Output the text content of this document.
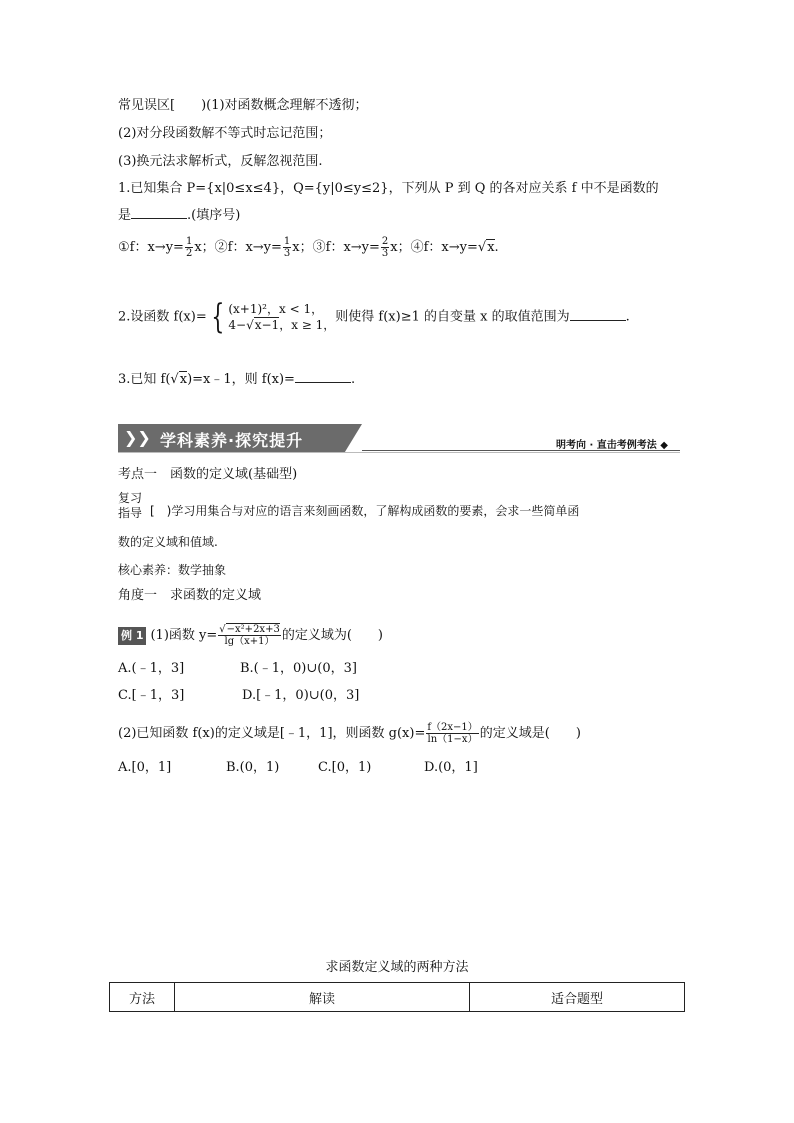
常见误区[　　)(1)对函数概念理解不透彻；
(2)对分段函数解不等式时忘记范围；
(3)换元法求解析式，反解忽视范围.
1.已知集合 P={x|0≤x≤4}，Q={y|0≤y≤2}，下列从 P 到 Q 的各对应关系 f 中不是函数的
是	.(填序号)
①f：$x\to y= \frac{1}{2}$ x；②f：$x\to y= \frac{1}{3}$ x；③f：$x\to y= \frac{2}{3}$ x；④f：x→y=√x.
2.设函数 f(x)= { (x+1)²，x < 1，
4−√x−1，x ≥ 1，
则使得 f(x)≥1 的自变量 x 的取值范围为	.
3.已知 f(√x)=x﹣1，则 f(x)=	.
❯❯ 学科素养·探究提升	明考向 · 直击考例考法 ◆
考点一　函数的定义域(基础型)
复习指导 [　)学习用集合与对应的语言来刻画函数，了解构成函数的要素，会求一些简单函
数的定义域和值域.
核心素养：数学抽象
角度一　求函数的定义域
例 1 (1)函数 $y= \frac{\text{√−x²+2x+3}}{\lg(x+1)}$ 的定义域为(　　)
A.(﹣1，3]	B.(﹣1，0)∪(0，3]
C.[﹣1，3]	D.[﹣1，0)∪(0，3]
(2)已知函数 f(x)的定义域是[﹣1，1]，则函数 $g(x)= \frac{f(2x-1)}{\ln(1-x)}$ 的定义域是(　　)
A.[0，1]	B.(0，1)	C.[0，1)	D.(0，1]
求函数定义域的两种方法
方法	解读	适合题型
